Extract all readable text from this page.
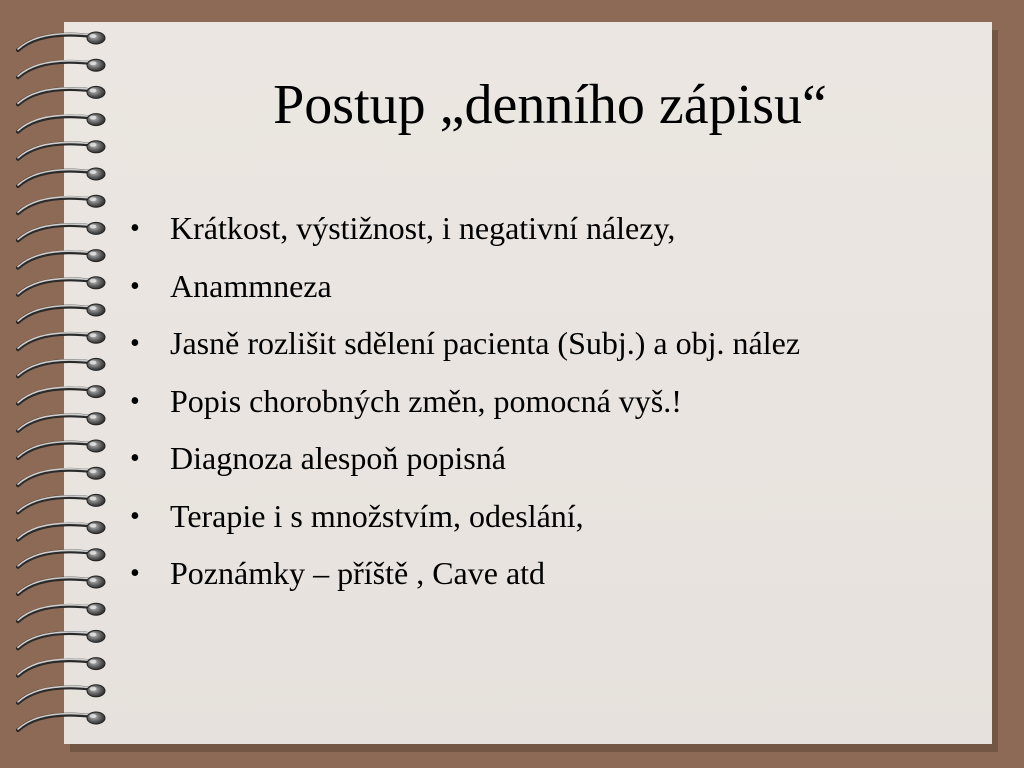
Postup „denního zápisu“
• Krátkost, výstižnost, i negativní nálezy,
• Anammneza
• Jasně rozlišit sdělení pacienta (Subj.) a obj. nález
• Popis chorobných změn, pomocná vyš.!
• Diagnoza alespoň popisná
• Terapie i s množstvím, odeslání,
• Poznámky – příště , Cave atd
